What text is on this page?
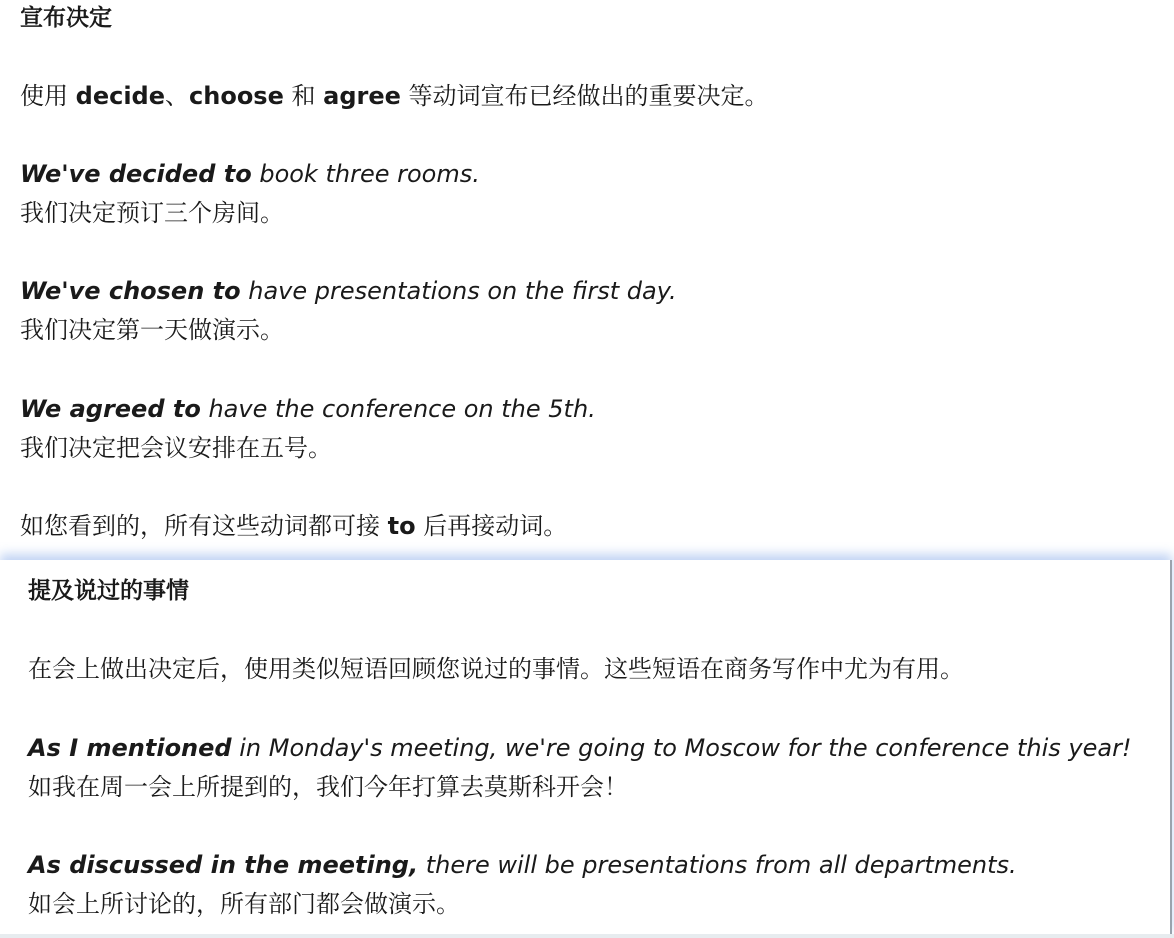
宣布决定
使用 decide、choose 和 agree 等动词宣布已经做出的重要决定。
We've decided to book three rooms.
我们决定预订三个房间。
We've chosen to have presentations on the first day.
我们决定第一天做演示。
We agreed to have the conference on the 5th.
我们决定把会议安排在五号。
如您看到的，所有这些动词都可接 to 后再接动词。
提及说过的事情
在会上做出决定后，使用类似短语回顾您说过的事情。这些短语在商务写作中尤为有用。
As I mentioned in Monday's meeting, we're going to Moscow for the conference this year!
如我在周一会上所提到的，我们今年打算去莫斯科开会！
As discussed in the meeting, there will be presentations from all departments.
如会上所讨论的，所有部门都会做演示。
